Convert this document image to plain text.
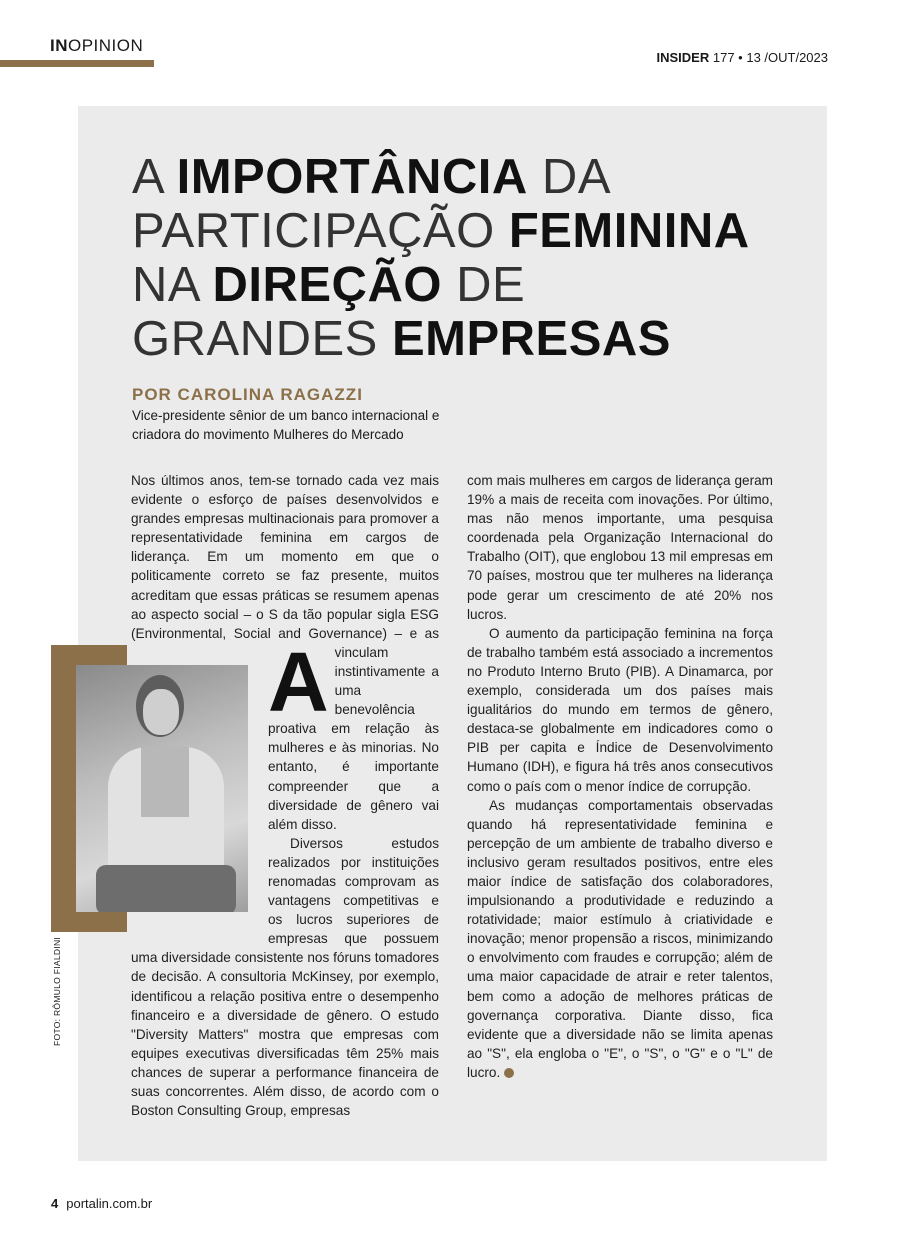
INOPINION
INSIDER 177 • 13 /OUT/2023
A IMPORTÂNCIA DA
PARTICIPAÇÃO FEMININA
NA DIREÇÃO DE
GRANDES EMPRESAS
POR CAROLINA RAGAZZI
Vice-presidente sênior de um banco internacional e criadora do movimento Mulheres do Mercado
FOTO: RÔMULO FIALDINI

A
Nos últimos anos, tem-se tornado cada vez mais evidente o esforço de países desenvolvidos e grandes empresas multinacionais para promover a representatividade feminina em cargos de liderança. Em um momento em que o politicamente correto se faz presente, muitos acreditam que essas práticas se resumem apenas ao aspecto social – o S da tão popular sigla ESG (Environmental, Social and Governance) – e as vinculam instintivamente a uma benevolência proativa em relação às mulheres e às minorias. No entanto, é importante compreender que a diversidade de gênero vai além disso.

Diversos estudos realizados por instituições renomadas comprovam as vantagens competitivas e os lucros superiores de empresas que possuem uma diversidade consistente nos fóruns tomadores de decisão. A consultoria McKinsey, por exemplo, identificou a relação positiva entre o desempenho financeiro e a diversidade de gênero. O estudo "Diversity Matters" mostra que empresas com equipes executivas diversificadas têm 25% mais chances de superar a performance financeira de suas concorrentes. Além disso, de acordo com o Boston Consulting Group, empresas

com mais mulheres em cargos de liderança geram 19% a mais de receita com inovações. Por último, mas não menos importante, uma pesquisa coordenada pela Organização Internacional do Trabalho (OIT), que englobou 13 mil empresas em 70 países, mostrou que ter mulheres na liderança pode gerar um crescimento de até 20% nos lucros.

O aumento da participação feminina na força de trabalho também está associado a incrementos no Produto Interno Bruto (PIB). A Dinamarca, por exemplo, considerada um dos países mais igualitários do mundo em termos de gênero, destaca-se globalmente em indicadores como o PIB per capita e Índice de Desenvolvimento Humano (IDH), e figura há três anos consecutivos como o país com o menor índice de corrupção.

As mudanças comportamentais observadas quando há representatividade feminina e percepção de um ambiente de trabalho diverso e inclusivo geram resultados positivos, entre eles maior índice de satisfação dos colaboradores, impulsionando a produtividade e reduzindo a rotatividade; maior estímulo à criatividade e inovação; menor propensão a riscos, minimizando o envolvimento com fraudes e corrupção; além de uma maior capacidade de atrair e reter talentos, bem como a adoção de melhores práticas de governança corporativa. Diante disso, fica evidente que a diversidade não se limita apenas ao "S", ela engloba o "E", o "S", o "G" e o "L" de lucro.

4 portalin.com.br
